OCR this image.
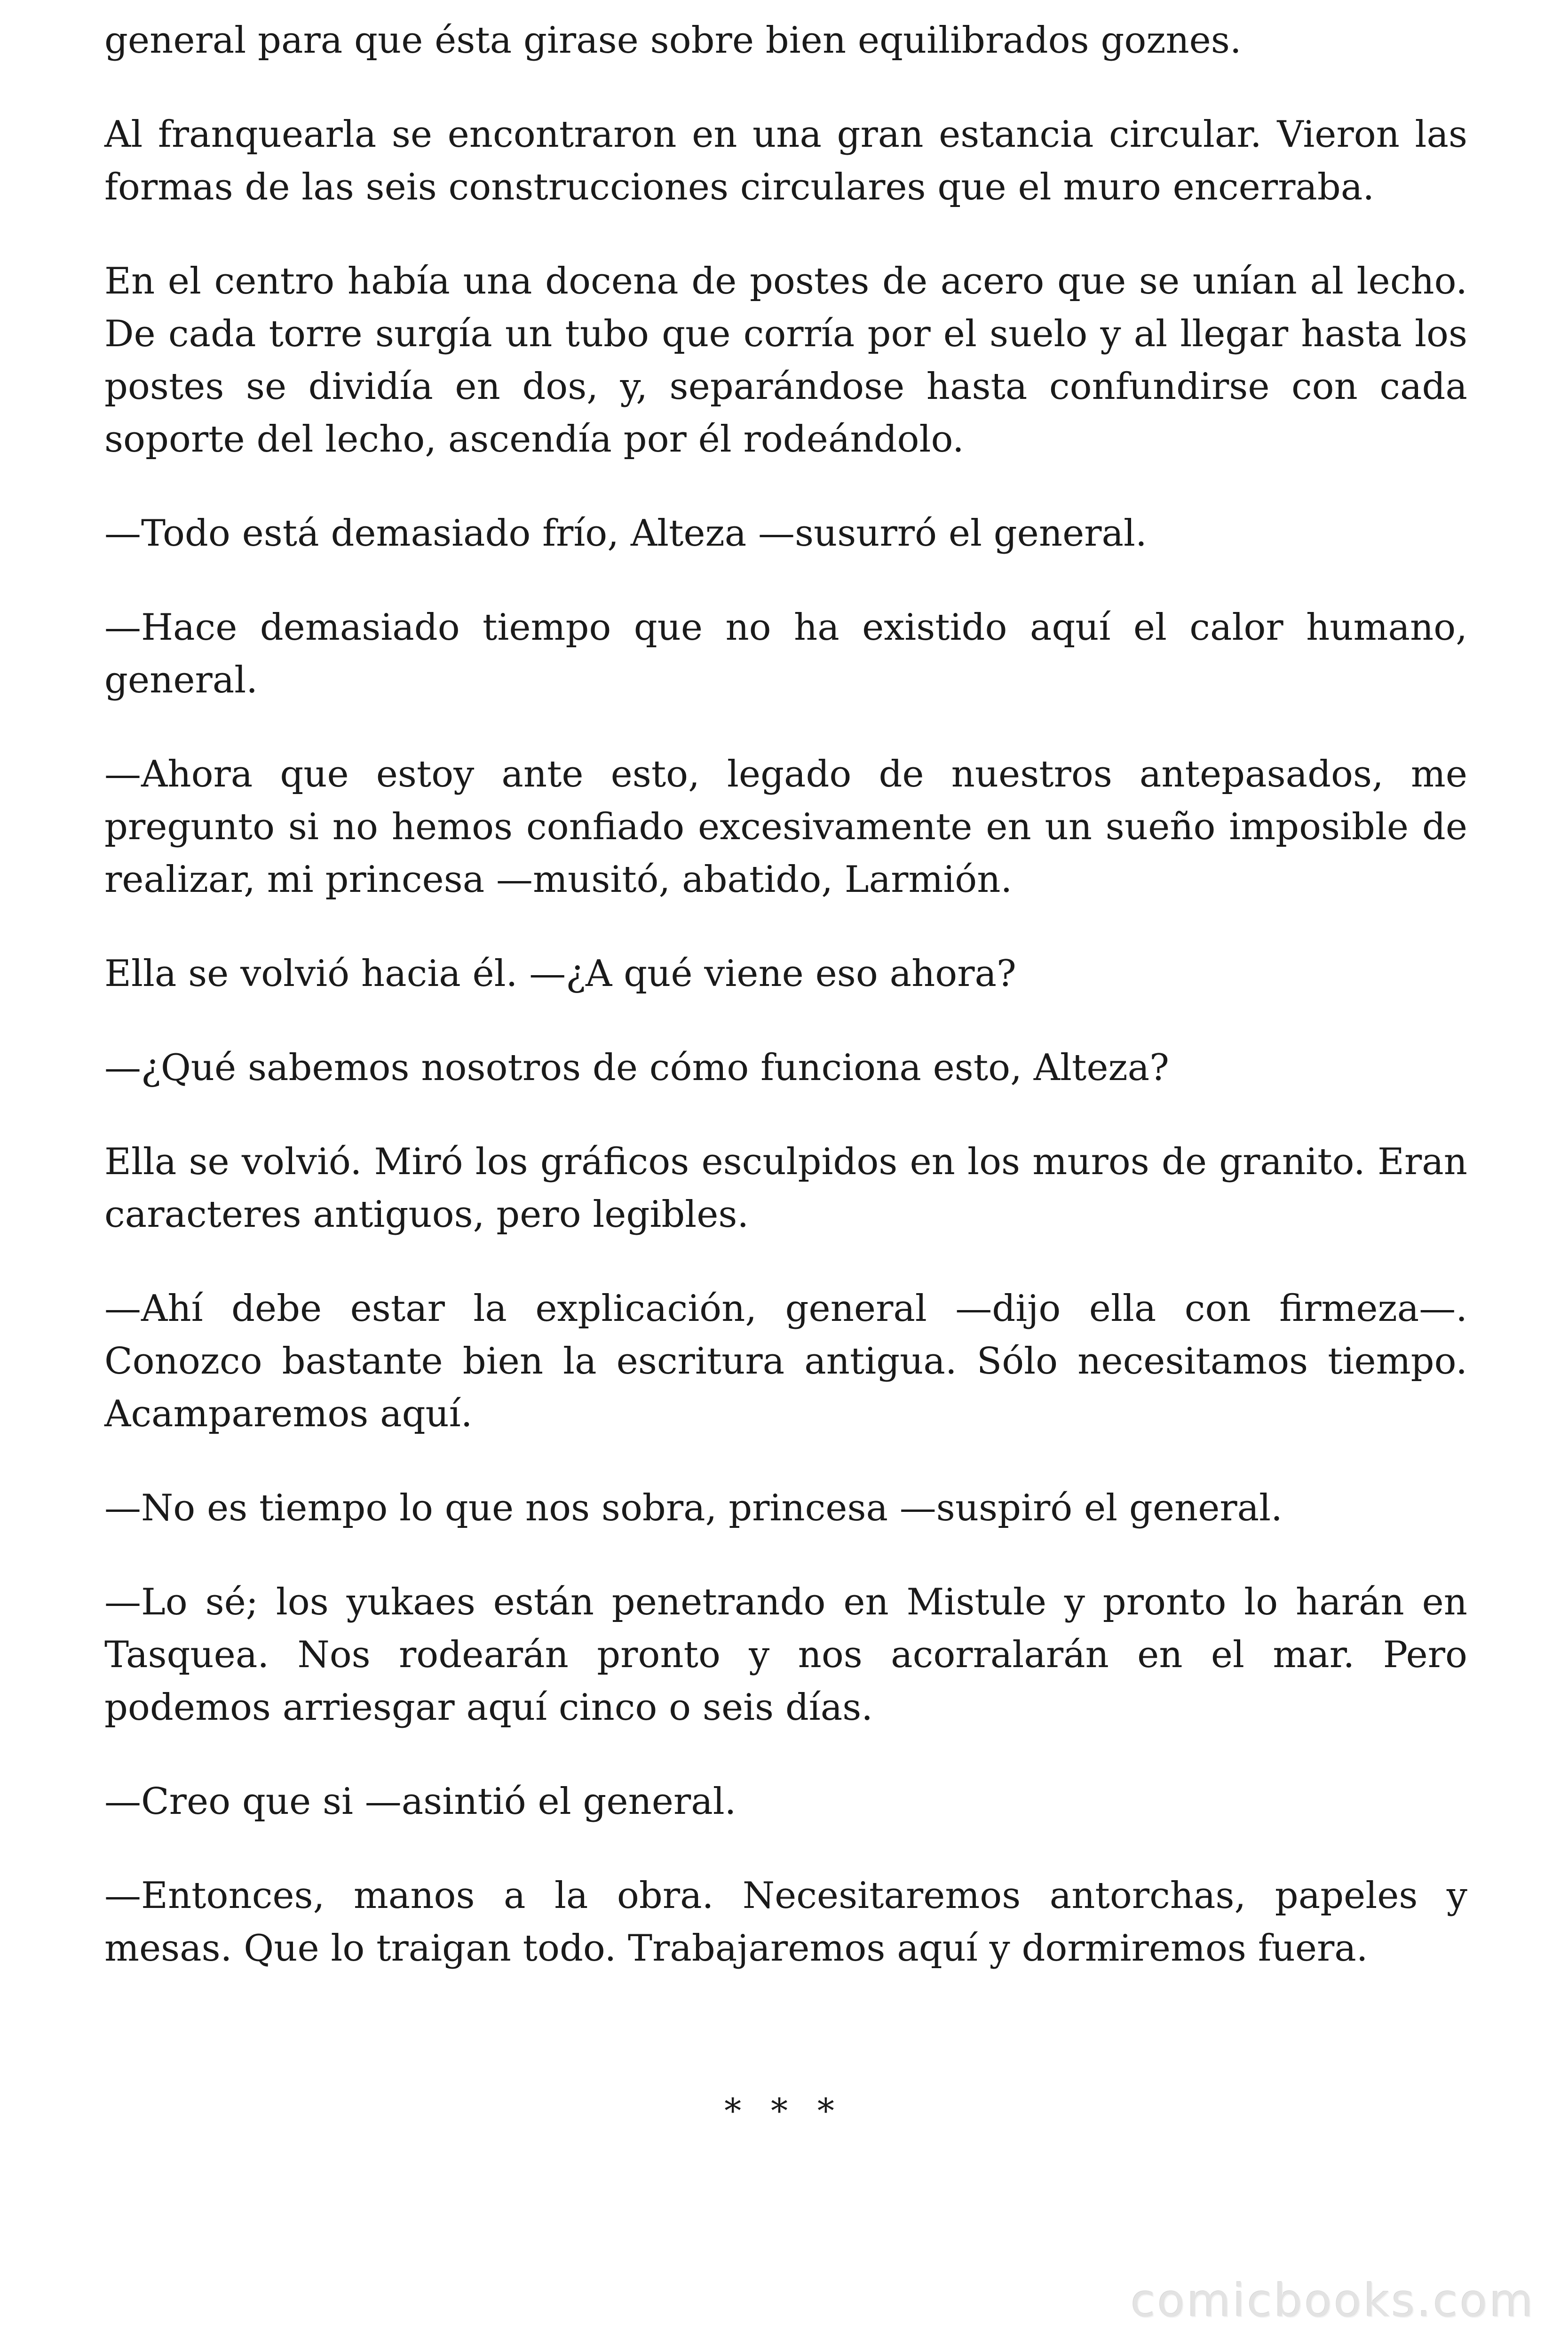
general para que ésta girase sobre bien equilibrados goznes.

Al franquearla se encontraron en una gran estancia circular. Vieron las formas de las seis construcciones circulares que el muro encerraba.

En el centro había una docena de postes de acero que se unían al lecho. De cada torre surgía un tubo que corría por el suelo y al llegar hasta los postes se dividía en dos, y, separándose hasta confundirse con cada soporte del lecho, ascendía por él rodeándolo.

—Todo está demasiado frío, Alteza —susurró el general.

—Hace demasiado tiempo que no ha existido aquí el calor humano, general.

—Ahora que estoy ante esto, legado de nuestros antepasados, me pregunto si no hemos confiado excesivamente en un sueño imposible de realizar, mi princesa —musitó, abatido, Larmión.

Ella se volvió hacia él. —¿A qué viene eso ahora?

—¿Qué sabemos nosotros de cómo funciona esto, Alteza?

Ella se volvió. Miró los gráficos esculpidos en los muros de granito. Eran caracteres antiguos, pero legibles.

—Ahí debe estar la explicación, general —dijo ella con firmeza—. Conozco bastante bien la escritura antigua. Sólo necesitamos tiempo. Acamparemos aquí.

—No es tiempo lo que nos sobra, princesa —suspiró el general.

—Lo sé; los yukaes están penetrando en Mistule y pronto lo harán en Tasquea. Nos rodearán pronto y nos acorralarán en el mar. Pero podemos arriesgar aquí cinco o seis días.

—Creo que si —asintió el general.

—Entonces, manos a la obra. Necesitaremos antorchas, papeles y mesas. Que lo traigan todo. Trabajaremos aquí y dormiremos fuera.

* * *
comicbooks.com
